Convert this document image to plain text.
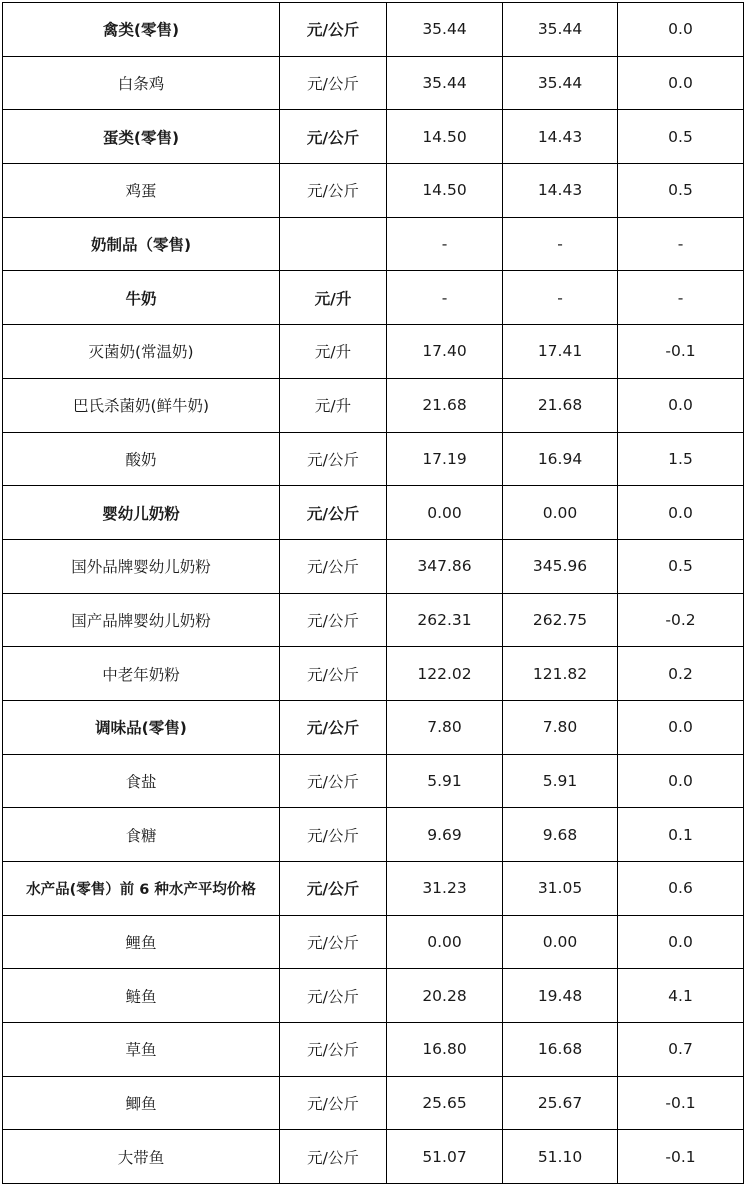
禽类(零售)	元/公斤	35.44	35.44	0.0
白条鸡	元/公斤	35.44	35.44	0.0
蛋类(零售)	元/公斤	14.50	14.43	0.5
鸡蛋	元/公斤	14.50	14.43	0.5
奶制品（零售)		-	-	-
牛奶	元/升	-	-	-
灭菌奶(常温奶)	元/升	17.40	17.41	-0.1
巴氏杀菌奶(鲜牛奶)	元/升	21.68	21.68	0.0
酸奶	元/公斤	17.19	16.94	1.5
婴幼儿奶粉	元/公斤	0.00	0.00	0.0
国外品牌婴幼儿奶粉	元/公斤	347.86	345.96	0.5
国产品牌婴幼儿奶粉	元/公斤	262.31	262.75	-0.2
中老年奶粉	元/公斤	122.02	121.82	0.2
调味品(零售)	元/公斤	7.80	7.80	0.0
食盐	元/公斤	5.91	5.91	0.0
食糖	元/公斤	9.69	9.68	0.1
水产品(零售）前 6 种水产平均价格	元/公斤	31.23	31.05	0.6
鲤鱼	元/公斤	0.00	0.00	0.0
鲢鱼	元/公斤	20.28	19.48	4.1
草鱼	元/公斤	16.80	16.68	0.7
鲫鱼	元/公斤	25.65	25.67	-0.1
大带鱼	元/公斤	51.07	51.10	-0.1
